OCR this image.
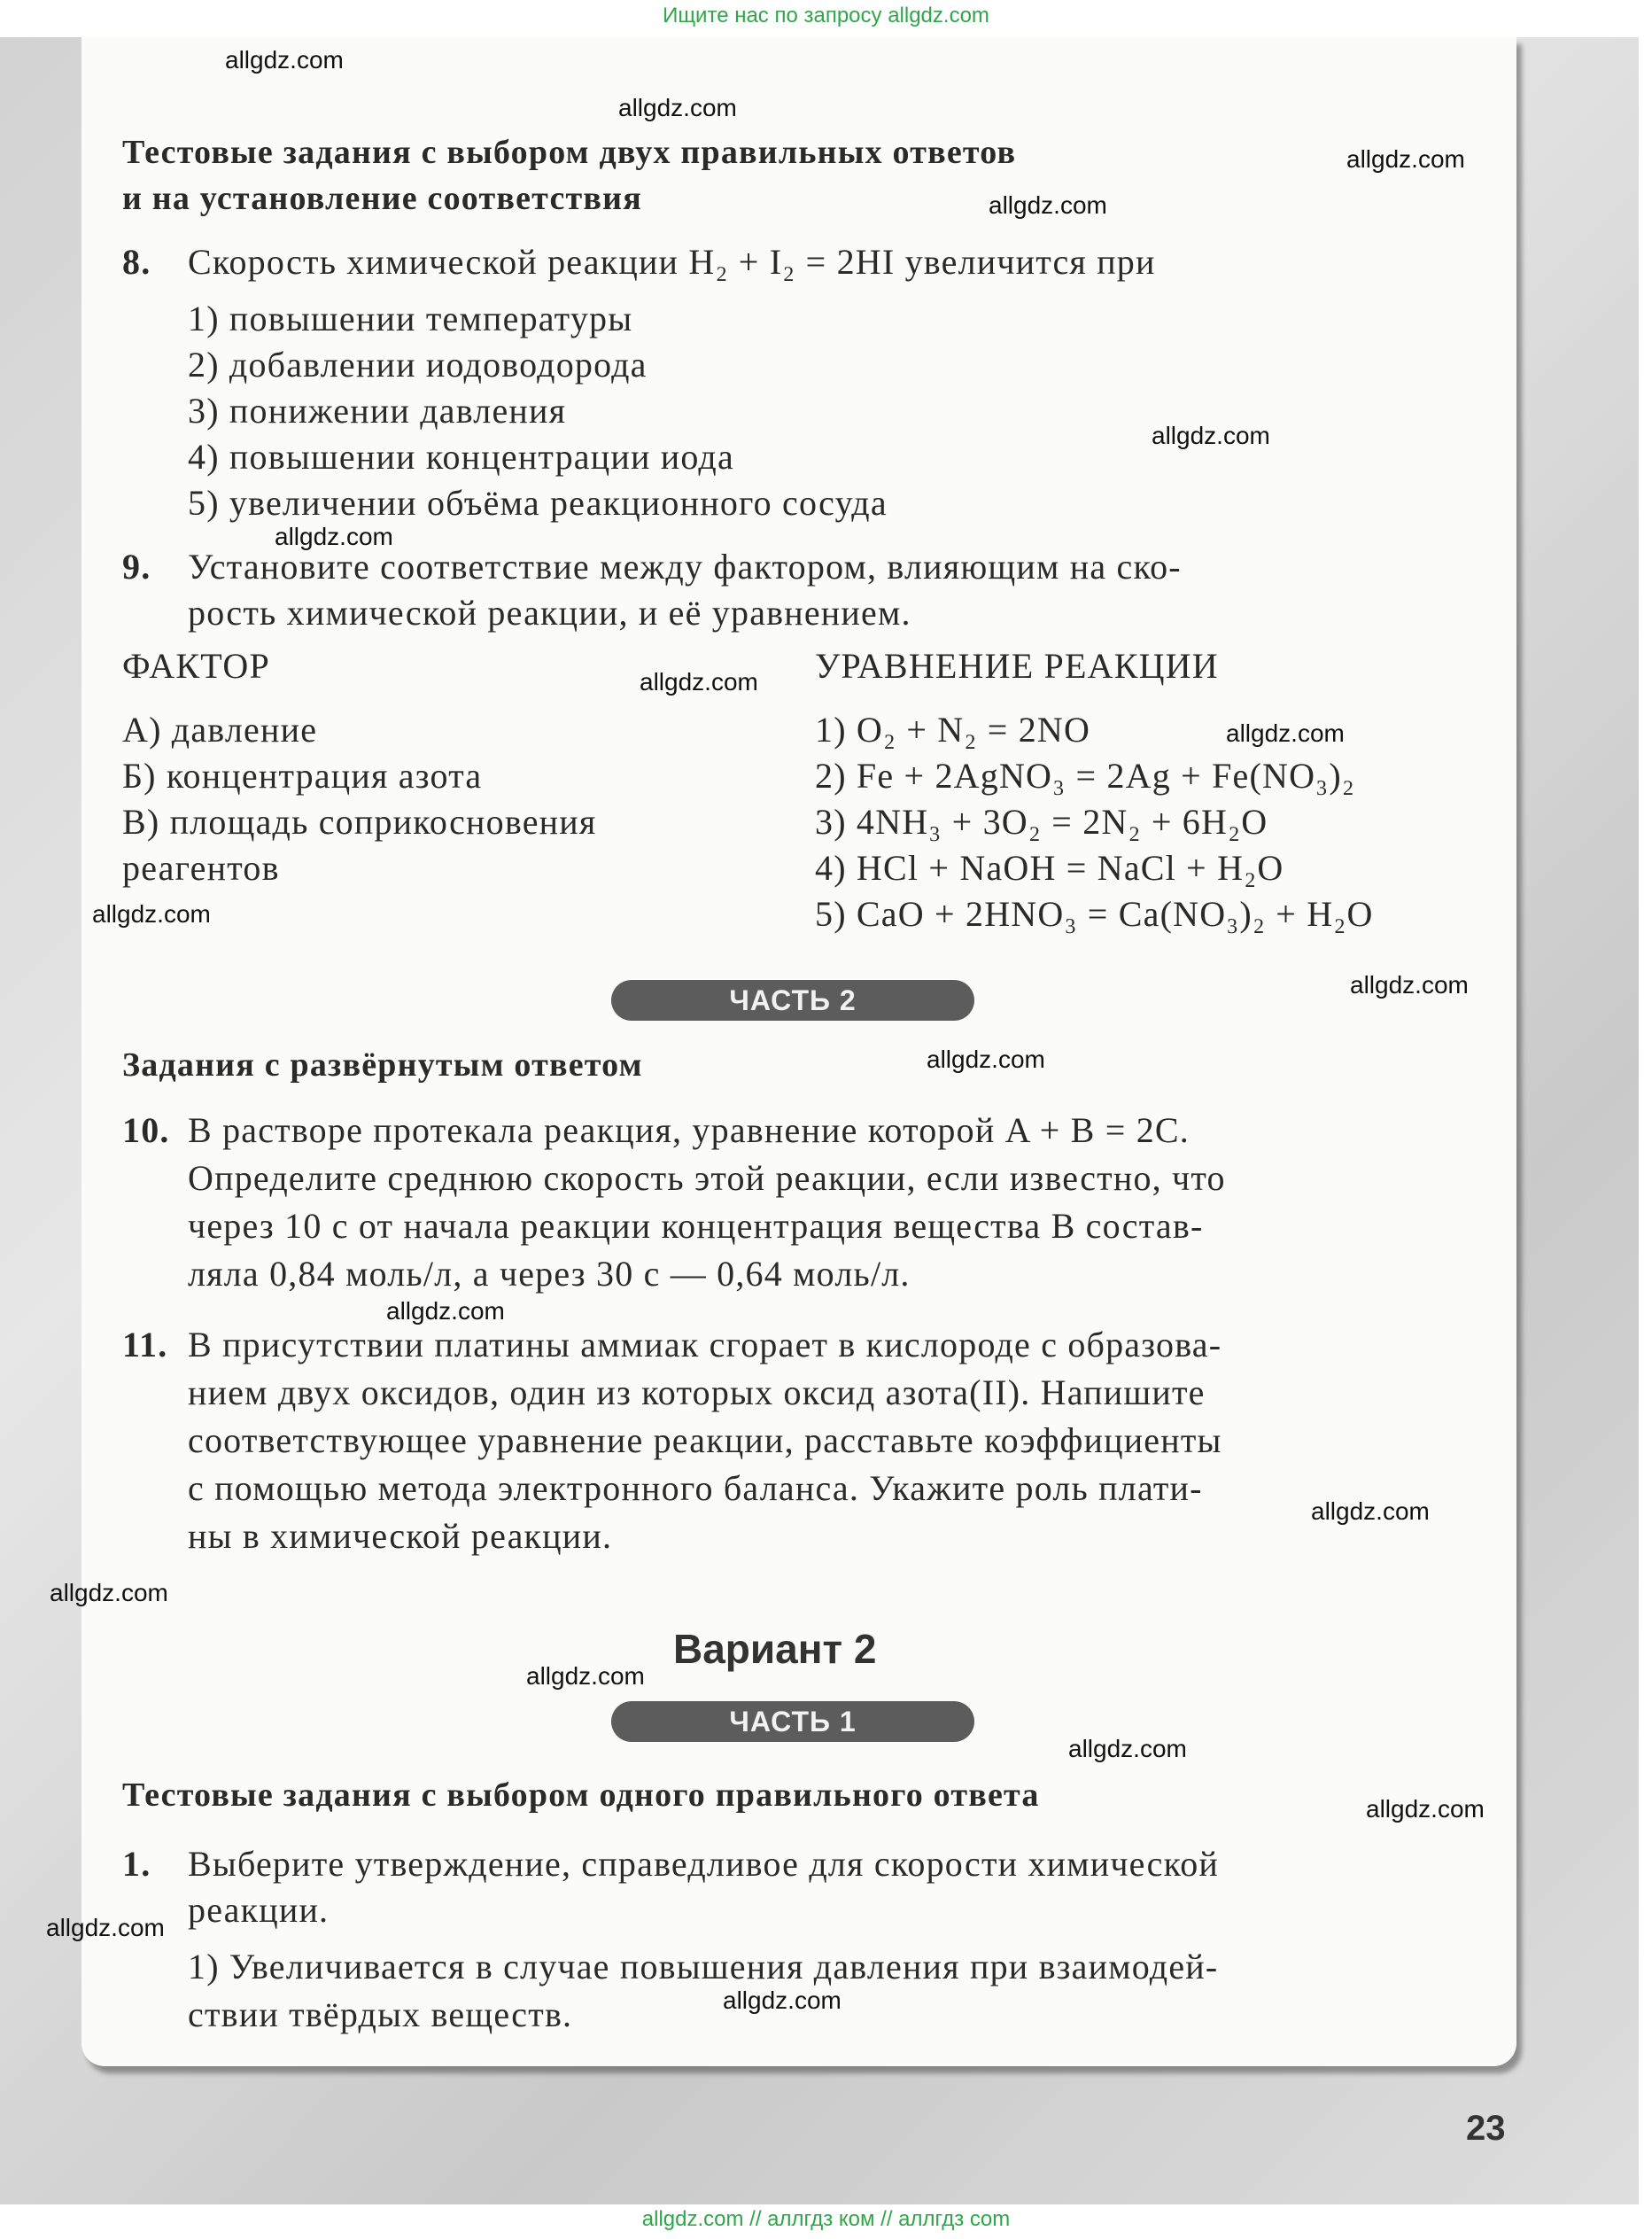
Ищите нас по запросу allgdz.com
Тестовые задания с выбором двух правильных ответов
и на установление соответствия
8. Скорость химической реакции H₂ + I₂ = 2HI увеличится при
1) повышении температуры
2) добавлении иодоводорода
3) понижении давления
4) повышении концентрации иода
5) увеличении объёма реакционного сосуда
9. Установите соответствие между фактором, влияющим на ско-
рость химической реакции, и её уравнением.
ФАКТОР	УРАВНЕНИЕ РЕАКЦИИ
А) давление
Б) концентрация азота
В) площадь соприкосновения
реагентов
1) O₂ + N₂ = 2NO
2) Fe + 2AgNO₃ = 2Ag + Fe(NO₃)₂
3) 4NH₃ + 3O₂ = 2N₂ + 6H₂O
4) HCl + NaOH = NaCl + H₂O
5) CaO + 2HNO₃ = Ca(NO₃)₂ + H₂O
ЧАСТЬ 2
Задания с развёрнутым ответом
10. В растворе протекала реакция, уравнение которой A + B = 2C.
Определите среднюю скорость этой реакции, если известно, что
через 10 с от начала реакции концентрация вещества B состав-
ляла 0,84 моль/л, а через 30 с — 0,64 моль/л.
11. В присутствии платины аммиак сгорает в кислороде с образова-
нием двух оксидов, один из которых оксид азота(II). Напишите
соответствующее уравнение реакции, расставьте коэффициенты
с помощью метода электронного баланса. Укажите роль плати-
ны в химической реакции.
Вариант 2
ЧАСТЬ 1
Тестовые задания с выбором одного правильного ответа
1. Выберите утверждение, справедливое для скорости химической
реакции.
1) Увеличивается в случае повышения давления при взаимодей-
ствии твёрдых веществ.
23
allgdz.com
allgdz.com
allgdz.com
allgdz.com
allgdz.com
allgdz.com
allgdz.com
allgdz.com
allgdz.com
allgdz.com
allgdz.com
allgdz.com
allgdz.com
allgdz.com
allgdz.com
allgdz.com
allgdz.com
allgdz.com
allgdz.com
allgdz.com // аллгдз ком // аллгдз com
